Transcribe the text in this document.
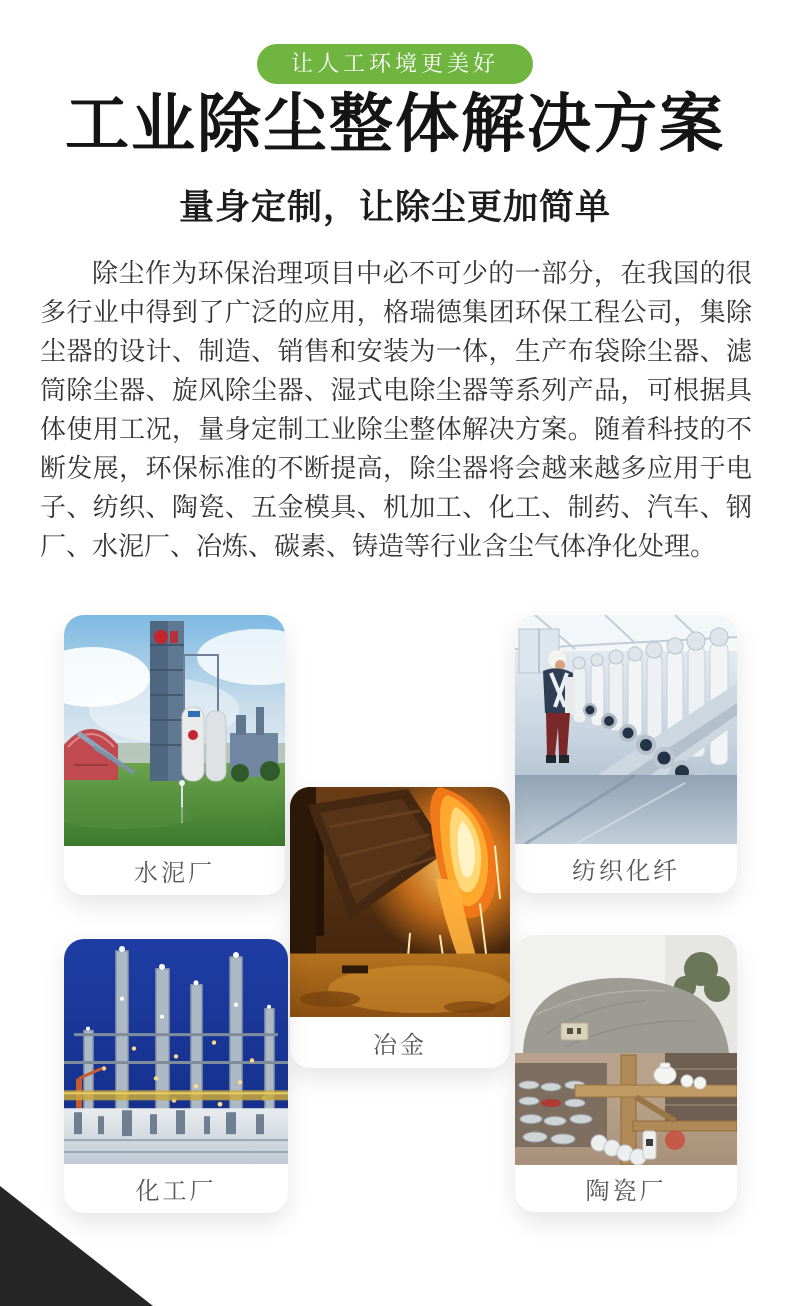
让人工环境更美好
工业除尘整体解决方案
量身定制，让除尘更加简单

除尘作为环保治理项目中必不可少的一部分，在我国的很多行业中得到了广泛的应用，格瑞德集团环保工程公司，集除尘器的设计、制造、销售和安装为一体，生产布袋除尘器、滤筒除尘器、旋风除尘器、湿式电除尘器等系列产品，可根据具体使用工况，量身定制工业除尘整体解决方案。随着科技的不断发展，环保标准的不断提高，除尘器将会越来越多应用于电子、纺织、陶瓷、五金模具、机加工、化工、制药、汽车、钢厂、水泥厂、冶炼、碳素、铸造等行业含尘气体净化处理。

水泥厂	纺织化纤
冶金
化工厂	陶瓷厂
